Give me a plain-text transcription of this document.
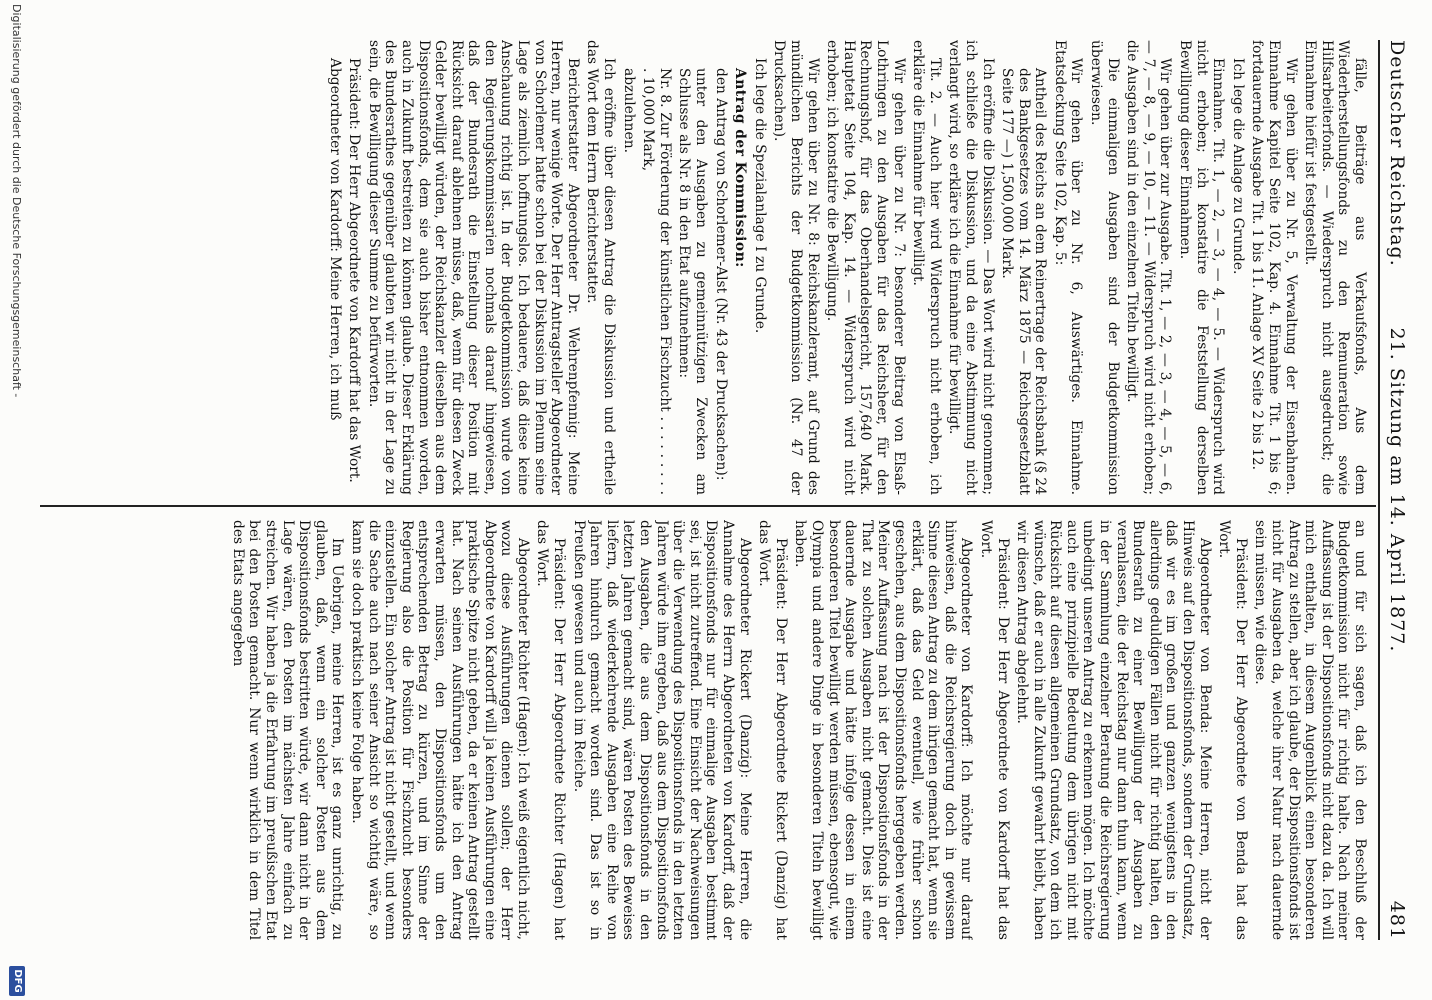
Deutscher Reichstag.
21. Sitzung am 14. April 1877.
481

fälle, Beiträge aus Verkaufsfonds, Aus dem Wiederherstellungsfonds zu den Remuneration sowie Hilfsarbeiterfonds. — Wiederspruch nicht ausgedruckt; die Einnahme hiefür ist festgestellt.

Wir gehen über zu Nr. 5, Verwaltung der Eisenbahnen. Einnahme Kapitel Seite 102, Kap. 4. Einnahme Tit. 1 bis 6; fortdauernde Ausgabe Tit. 1 bis 11. Anlage XV Seite 2 bis 12.

Ich lege die Anlage zu Grunde.

Einnahme. Tit. 1, — 2, — 3, — 4, — 5. — Widerspruch wird nicht erhoben; ich konstatire die Feststellung derselben Bewilligung dieser Einnahmen.

Wir gehen über zur Ausgabe. Tit. 1, — 2, — 3, — 4, — 5, — 6, — 7, — 8, — 9, — 10, — 11. — Widerspruch wird nicht erhoben; die Ausgaben sind in den einzelnen Titeln bewilligt.

Die einmaligen Ausgaben sind der Budgetkommission überwiesen.

Wir gehen über zu Nr. 6, Auswärtiges. Einnahme. Etatsdeckung Seite 102, Kap. 5:

Antheil des Reichs an dem Reinertrage der Reichsbank (§ 24 des Bankgesetzes vom 14. März 1875 — Reichsgesetzblatt Seite 177 —) 1,500,000 Mark.

Ich eröffne die Diskussion. — Das Wort wird nicht genommen; ich schließe die Diskussion, und da eine Abstimmung nicht verlangt wird, so erkläre ich die Einnahme für bewilligt.

Tit. 2. — Auch hier wird Widerspruch nicht erhoben, ich erkläre die Einnahme für bewilligt.

Wir gehen über zu Nr. 7: besonderer Beitrag von Elsaß-Lothringen zu den Ausgaben für das Reichsheer, für den Rechnungshof, für das Oberhandelsgericht, 157,640 Mark. Hauptetat Seite 104, Kap. 14. — Widerspruch wird nicht erhoben; ich konstatire die Bewilligung.

Wir gehen über zu Nr. 8: Reichskanzleramt, auf Grund des mündlichen Berichts der Budgetkommission (Nr. 47 der Drucksachen).

Ich lege die Spezialanlage I zu Grunde.

Antrag der Kommission:

den Antrag von Schorlemer-Alst (Nr. 43 der Drucksachen):

unter den Ausgaben zu gemeinnützigen Zwecken am Schlusse als Nr. 8 in den Etat aufzunehmen:

Nr. 8. Zur Förderung der künstlichen Fischzucht . . . . . . . . . . 10,000 Mark,

abzulehnen.

Ich eröffne über diesen Antrag die Diskussion und ertheile das Wort dem Herrn Berichterstatter.

Berichterstatter Abgeordneter Dr. Wehrenpfennig: Meine Herren, nur wenige Worte. Der Herr Antragsteller Abgeordneter von Schorlemer hatte schon bei der Diskussion im Plenum seine Lage als ziemlich hoffnungslos. Ich bedauere, daß diese keine Anschauung richtig ist. In der Budgetkommission wurde von den Regierungskommissarien nochmals darauf hingewiesen, daß der Bundesrath die Einstellung dieser Position mit Rücksicht darauf ablehnen müsse, daß, wenn für diesen Zweck Gelder bewilligt würden, der Reichskanzler dieselben aus dem Dispositionsfonds, dem sie auch bisher entnommen worden, auch in Zukunft bestreiten zu können glaube. Dieser Erklärung des Bundesrathes gegenüber glaubten wir nicht in der Lage zu sein, die Bewilligung dieser Summe zu befürworten.

Präsident: Der Herr Abgeordnete von Kardorff hat das Wort.

Abgeordneter von Kardorff: Meine Herren, ich muß

an und für sich sagen, daß ich den Beschluß der Budgetkommission nicht für richtig halte. Nach meiner Auffassung ist der Dispositionsfonds nicht dazu da. Ich will mich enthalten, in diesem Augenblick einen besonderen Antrag zu stellen, aber ich glaube, der Dispositionsfonds ist nicht für Ausgaben da, welche ihrer Natur nach dauernde sein müssen, wie diese.

Präsident: Der Herr Abgeordnete von Benda hat das Wort.

Abgeordneter von Benda: Meine Herren, nicht der Hinweis auf den Dispositionsfonds, sondern der Grundsatz, daß wir es im großen und ganzen wenigstens in den allerdings geduldigen Fällen nicht für richtig halten, den Bundesrath zu einer Bewilligung der Ausgaben zu veranlassen, die der Reichstag nur dann thun kann, wenn in der Sammlung einzelner Beratung die Reichsregierung unbedingt unseren Antrag zu erkennen mögen. Ich möchte auch eine prinzipielle Bedeutung dem übrigen nicht mit Rücksicht auf diesen allgemeinen Grundsatz, von dem ich wünsche, daß er auch in alle Zukunft gewahrt bleibt, haben wir diesen Antrag abgelehnt.

Präsident: Der Herr Abgeordnete von Kardorff hat das Wort.

Abgeordneter von Kardorff: Ich möchte nur darauf hinweisen, daß die Reichsregierung doch in gewissem Sinne diesen Antrag zu dem ihrigen gemacht hat, wenn sie erklärt, daß das Geld eventuell, wie früher schon geschehen, aus dem Dispositionsfonds hergegeben werden. Meiner Auffassung nach ist der Dispositionsfonds in der That zu solchen Ausgaben nicht gemacht. Dies ist eine dauernde Ausgabe und hätte infolge dessen in einem besonderen Titel bewilligt werden müssen, ebensogut, wie Olympia und andere Dinge in besonderen Titeln bewilligt haben.

Präsident: Der Herr Abgeordnete Rickert (Danzig) hat das Wort.

Abgeordneter Rickert (Danzig): Meine Herren, die Annahme des Herrn Abgeordneten von Kardorff, daß der Dispositionsfonds nur für einmalige Ausgaben bestimmt sei, ist nicht zutreffend. Eine Einsicht der Nachweisungen über die Verwendung des Dispositionsfonds in den letzten Jahren würde ihm ergeben, daß aus dem Dispositionsfonds den Ausgaben, die aus dem Dispositionsfonds in den letzten Jahren gemacht sind, wären Posten des Beweises liefern, daß wiederkehrende Ausgaben eine Reihe von Jahren hindurch gemacht worden sind. Das ist so in Preußen gewesen und auch im Reiche.

Präsident: Der Herr Abgeordnete Richter (Hagen) hat das Wort.

Abgeordneter Richter (Hagen): Ich weiß eigentlich nicht, wozu diese Ausführungen dienen sollen; der Herr Abgeordnete von Kardorff will ja keinen Ausführungen eine praktische Spitze nicht geben, da er keinen Antrag gestellt hat. Nach seinen Ausführungen hätte ich den Antrag erwarten müssen, den Dispositionsfonds um den entsprechenden Betrag zu kürzen, und im Sinne der Regierung also die Position für Fischzucht besonders einzustellen. Ein solcher Antrag ist nicht gestellt, und wenn die Sache auch nach seiner Ansicht so wichtig wäre, so kann sie doch praktisch keine Folge haben.

Im Uebrigen, meine Herren, ist es ganz unrichtig, zu glauben, daß, wenn ein solcher Posten aus dem Dispositionsfonds bestritten würde, wir dann nicht in der Lage wären, den Posten im nächsten Jahre einfach zu streichen. Wir haben ja die Erfahrung im preußischen Etat bei den Posten gemacht. Nur wenn wirklich in dem Titel des Etats angegeben

Digitalisierung gefördert durch die Deutsche Forschungsgemeinschaft -
DFG
